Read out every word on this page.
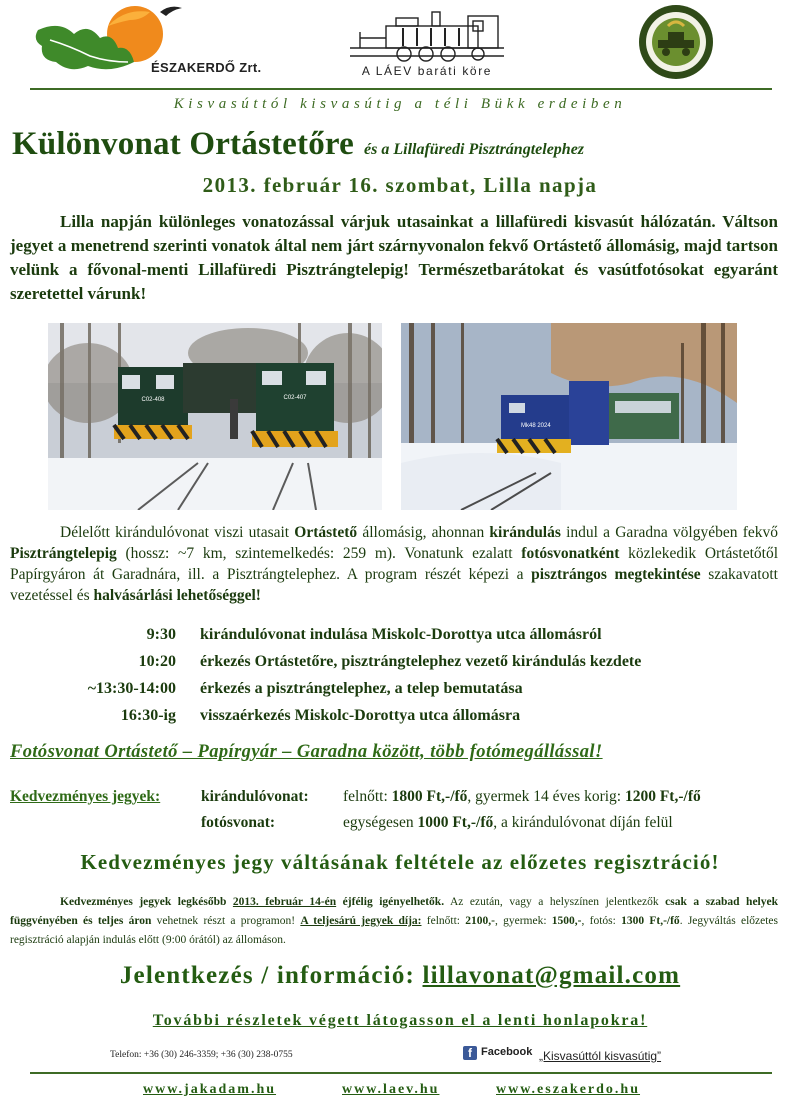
ÉSZAKERDŐ Zrt.	A LÁEV baráti köre
Kisvasúttól kisvasútig a téli Bükk erdeiben
Különvonat Ortástetőre és a Lillafüredi Pisztrángtelephez
2013. február 16. szombat, Lilla napja
Lilla napján különleges vonatozással várjuk utasainkat a lillafüredi kisvasút hálózatán. Váltson jegyet a menetrend szerinti vonatok által nem járt szárnyvonalon fekvő Ortástető állomásig, majd tartson velünk a fővonal-menti Lillafüredi Pisztrángtelepig! Természetbarátokat és vasútfotósokat egyaránt szeretettel várunk!
C02-408	C02-407
Mk48 2024
Délelőtt kirándulóvonat viszi utasait Ortástető állomásig, ahonnan kirándulás indul a Garadna völgyében fekvő Pisztrángtelepig (hossz: ~7 km, szintemelkedés: 259 m). Vonatunk ezalatt fotósvonatként közlekedik Ortástetőtől Papírgyáron át Garadnára, ill. a Pisztrángtelephez. A program részét képezi a pisztrángos megtekintése szakavatott vezetéssel és halvásárlási lehetőséggel!
9:30 kirándulóvonat indulása Miskolc-Dorottya utca állomásról
10:20 érkezés Ortástetőre, pisztrángtelephez vezető kirándulás kezdete
~13:30-14:00 érkezés a pisztrángtelephez, a telep bemutatása
16:30-ig visszaérkezés Miskolc-Dorottya utca állomásra
Fotósvonat Ortástető – Papírgyár – Garadna között, több fotómegállással!
Kedvezményes jegyek:	kirándulóvonat: felnőtt: 1800 Ft,-/fő, gyermek 14 éves korig: 1200 Ft,-/fő
fotósvonat:	egységesen 1000 Ft,-/fő, a kirándulóvonat díján felül
Kedvezményes jegy váltásának feltétele az előzetes regisztráció!
Kedvezményes jegyek legkésőbb 2013. február 14-én éjfélig igényelhetők. Az ezután, vagy a helyszínen jelentkezők csak a szabad helyek függvényében és teljes áron vehetnek részt a programon! A teljesárú jegyek díja: felnőtt: 2100,-, gyermek: 1500,-, fotós: 1300 Ft,-/fő. Jegyváltás előzetes regisztráció alapján indulás előtt (9:00 órától) az állomáson.
Jelentkezés / információ: lillavonat@gmail.com
További részletek végett látogasson el a lenti honlapokra!
Telefon: +36 (30) 246-3359; +36 (30) 238-0755	f Facebook „Kisvasúttól kisvasútig”
www.jakadam.hu	www.laev.hu	www.eszakerdo.hu
